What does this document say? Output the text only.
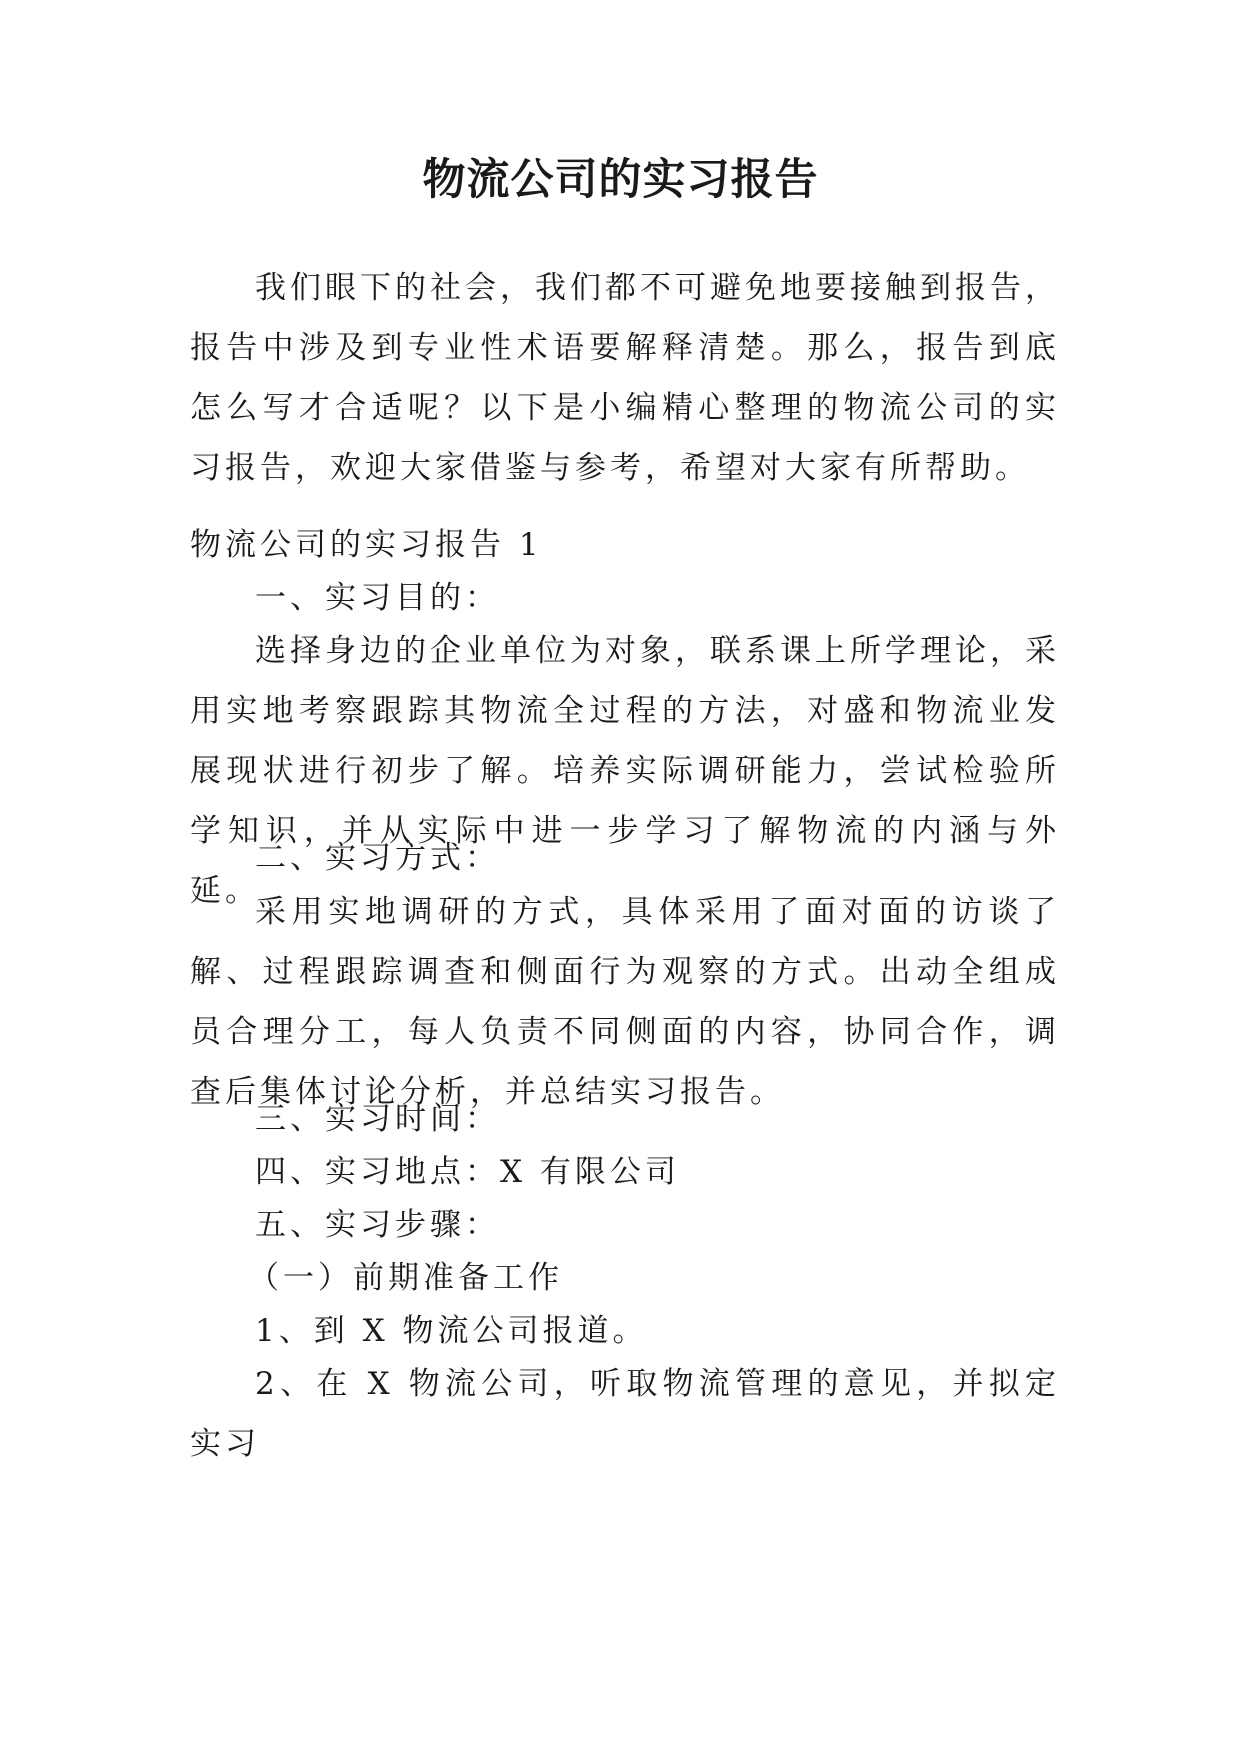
物流公司的实习报告

我们眼下的社会，我们都不可避免地要接触到报告，报告中涉及到专业性术语要解释清楚。那么，报告到底怎么写才合适呢？以下是小编精心整理的物流公司的实习报告，欢迎大家借鉴与参考，希望对大家有所帮助。

物流公司的实习报告 1

一、实习目的：

选择身边的企业单位为对象，联系课上所学理论，采用实地考察跟踪其物流全过程的方法，对盛和物流业发展现状进行初步了解。培养实际调研能力，尝试检验所学知识，并从实际中进一步学习了解物流的内涵与外延。

二、实习方式：

采用实地调研的方式，具体采用了面对面的访谈了解、过程跟踪调查和侧面行为观察的方式。出动全组成员合理分工，每人负责不同侧面的内容，协同合作，调查后集体讨论分析，并总结实习报告。

三、实习时间：

四、实习地点：X 有限公司

五、实习步骤：

（一）前期准备工作

1、到 X 物流公司报道。

2、在 X 物流公司，听取物流管理的意见，并拟定实习
